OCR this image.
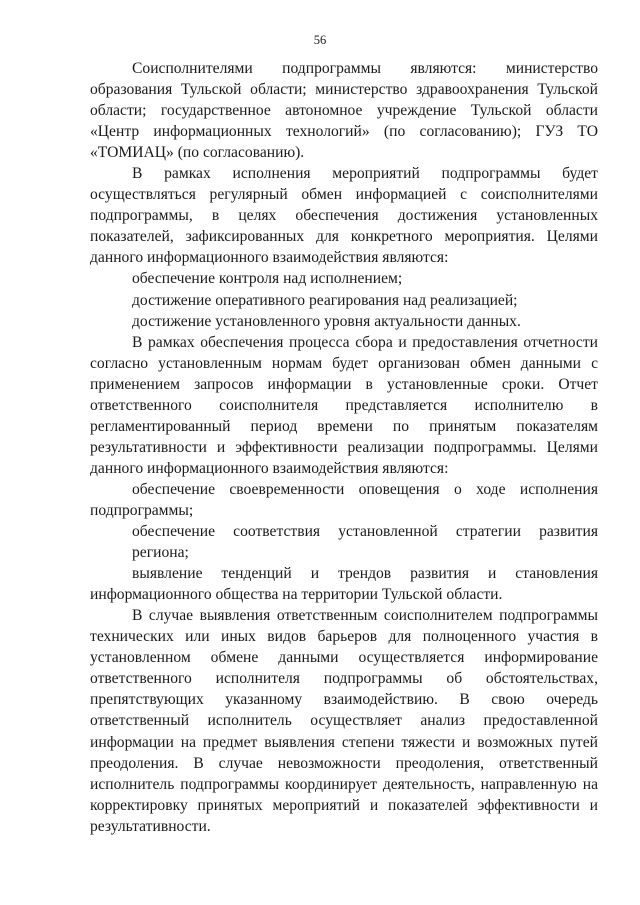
56

Соисполнителями подпрограммы являются: министерство образования Тульской области; министерство здравоохранения Тульской области; государственное автономное учреждение Тульской области «Центр информационных технологий» (по согласованию); ГУЗ ТО «ТОМИАЦ» (по согласованию).

В рамках исполнения мероприятий подпрограммы будет осуществляться регулярный обмен информацией с соисполнителями подпрограммы, в целях обеспечения достижения установленных показателей, зафиксированных для конкретного мероприятия. Целями данного информационного взаимодействия являются:

обеспечение контроля над исполнением;

достижение оперативного реагирования над реализацией;

достижение установленного уровня актуальности данных.

В рамках обеспечения процесса сбора и предоставления отчетности согласно установленным нормам будет организован обмен данными с применением запросов информации в установленные сроки. Отчет ответственного соисполнителя представляется исполнителю в регламентированный период времени по принятым показателям результативности и эффективности реализации подпрограммы. Целями данного информационного взаимодействия являются:

обеспечение своевременности оповещения о ходе исполнения подпрограммы;

обеспечение соответствия установленной стратегии развития региона;

выявление тенденций и трендов развития и становления информационного общества на территории Тульской области.

В случае выявления ответственным соисполнителем подпрограммы технических или иных видов барьеров для полноценного участия в установленном обмене данными осуществляется информирование ответственного исполнителя подпрограммы об обстоятельствах, препятствующих указанному взаимодействию. В свою очередь ответственный исполнитель осуществляет анализ предоставленной информации на предмет выявления степени тяжести и возможных путей преодоления. В случае невозможности преодоления, ответственный исполнитель подпрограммы координирует деятельность, направленную на корректировку принятых мероприятий и показателей эффективности и результативности.
